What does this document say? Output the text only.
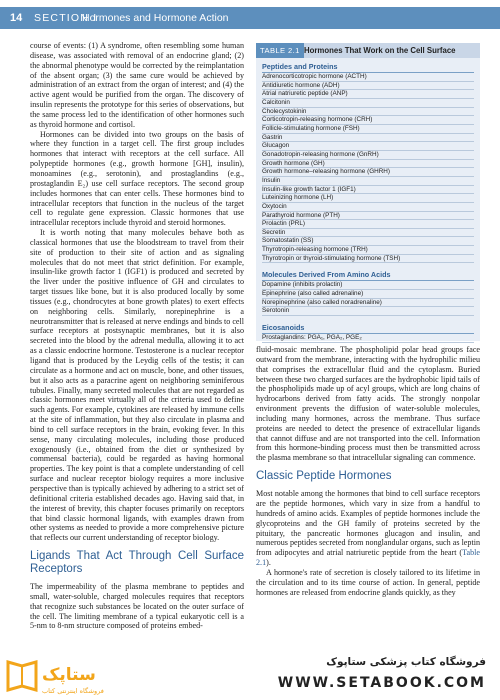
14	SECTION I
Hormones and Hormone Action

course of events: (1) A syndrome, often resembling some human disease, was associated with removal of an endocrine gland; (2) the abnormal phenotype would be corrected by the reimplantation of the absent organ; (3) the same cure would be achieved by administration of an extract from the organ of interest; and (4) the active agent would be purified from the organ. The discovery of insulin represents the prototype for this series of observations, but the same process led to the identification of other hormones such as thyroid hormone and cortisol.

Hormones can be divided into two groups on the basis of where they function in a target cell. The first group includes hormones that interact with receptors at the cell surface. All polypeptide hormones (e.g., growth hormone [GH], insulin), monoamines (e.g., serotonin), and prostaglandins (e.g., prostaglandin E₂) use cell surface receptors. The second group includes hormones that can enter cells. These hormones bind to intracellular receptors that function in the nucleus of the target cell to regulate gene expression. Classic hormones that use intracellular receptors include thyroid and steroid hormones.

It is worth noting that many molecules behave both as classical hormones that use the bloodstream to travel from their site of production to their site of action and as signaling molecules that do not meet that strict definition. For example, insulin-like growth factor 1 (IGF1) is produced and secreted by the liver under the positive influence of GH and circulates to target tissues like bone, but it is also produced locally by some tissues (e.g., chondrocytes at bone growth plates) to exert effects on neighboring cells. Similarly, norepinephrine is a neurotransmitter that is released at nerve endings and binds to cell surface receptors at postsynaptic membranes, but it is also secreted into the blood by the adrenal medulla, allowing it to act as a classic endocrine hormone. Testosterone is a nuclear receptor ligand that is produced by the Leydig cells of the testis; it can circulate as a hormone and act on muscle, bone, and other tissues, but it also acts as a paracrine agent on neighboring seminiferous tubules. Finally, many secreted molecules that are not regarded as classic hormones meet virtually all of the criteria used to define such agents. For example, cytokines are released by immune cells at the site of inflammation, but they also circulate in plasma and bind to cell surface receptors in the brain, evoking fever. In this sense, many circulating molecules, including those produced exogenously (i.e., obtained from the diet or synthesized by commensal bacteria), could be regarded as having hormonal properties. The key point is that a complete understanding of cell surface and nuclear receptor biology requires a more inclusive perspective than is typically achieved by adhering to a strict set of definitional criteria established decades ago. Having said that, in the interest of brevity, this chapter focuses primarily on receptors that bind classic hormonal ligands, with examples drawn from other systems as needed to provide a more comprehensive picture that reflects our current understanding of receptor biology.

Ligands That Act Through Cell Surface Receptors

The impermeability of the plasma membrane to peptides and small, water-soluble, charged molecules requires that receptors that recognize such substances be located on the outer surface of the cell. The limiting membrane of a typical eukaryotic cell is a 5-nm to 8-nm structure composed of proteins embed-

TABLE 2.1 Hormones That Work on the Cell Surface
Peptides and Proteins
Adrenocorticotropic hormone (ACTH)
Antidiuretic hormone (ADH)
Atrial natriuretic peptide (ANP)
Calcitonin
Cholecystokinin
Corticotropin-releasing hormone (CRH)
Follicle-stimulating hormone (FSH)
Gastrin
Glucagon
Gonadotropin-releasing hormone (GnRH)
Growth hormone (GH)
Growth hormone–releasing hormone (GHRH)
Insulin
Insulin-like growth factor 1 (IGF1)
Luteinizing hormone (LH)
Oxytocin
Parathyroid hormone (PTH)
Prolactin (PRL)
Secretin
Somatostatin (SS)
Thyrotropin-releasing hormone (TRH)
Thyrotropin or thyroid-stimulating hormone (TSH)
Molecules Derived From Amino Acids
Dopamine (inhibits prolactin)
Epinephrine (also called adrenaline)
Norepinephrine (also called noradrenaline)
Serotonin
Eicosanoids
Prostaglandins: PGA₁, PGA₂, PGE₂

fluid-mosaic membrane. The phospholipid polar head groups face outward from the membrane, interacting with the hydrophilic milieu that comprises the extracellular fluid and the cytoplasm. Buried between these two charged surfaces are the hydrophobic lipid tails of the phospholipids made up of acyl groups, which are long chains of hydrocarbons derived from fatty acids. The strongly nonpolar environment prevents the diffusion of water-soluble molecules, including many hormones, across the membrane. Thus surface proteins are needed to detect the presence of extracellular ligands that cannot diffuse and are not transported into the cell. Information from this hormone-binding process must then be transmitted across the plasma membrane so that intracellular signaling can commence.

Classic Peptide Hormones

Most notable among the hormones that bind to cell surface receptors are the peptide hormones, which vary in size from a handful to hundreds of amino acids. Examples of peptide hormones include the glycoproteins and the GH family of proteins secreted by the pituitary, the pancreatic hormones glucagon and insulin, and numerous peptides secreted from nonglandular organs, such as leptin from adipocytes and atrial natriuretic peptide from the heart (Table 2.1).

A hormone's rate of secretion is closely tailored to its lifetime in the circulation and to its time course of action. In general, peptide hormones are released from endocrine glands quickly, as they

ستاپک
فروشگاه اینترنتی کتاب
فروشگاه کتاب پزشکی ستاپوک
WWW.SETABOOK.COM
